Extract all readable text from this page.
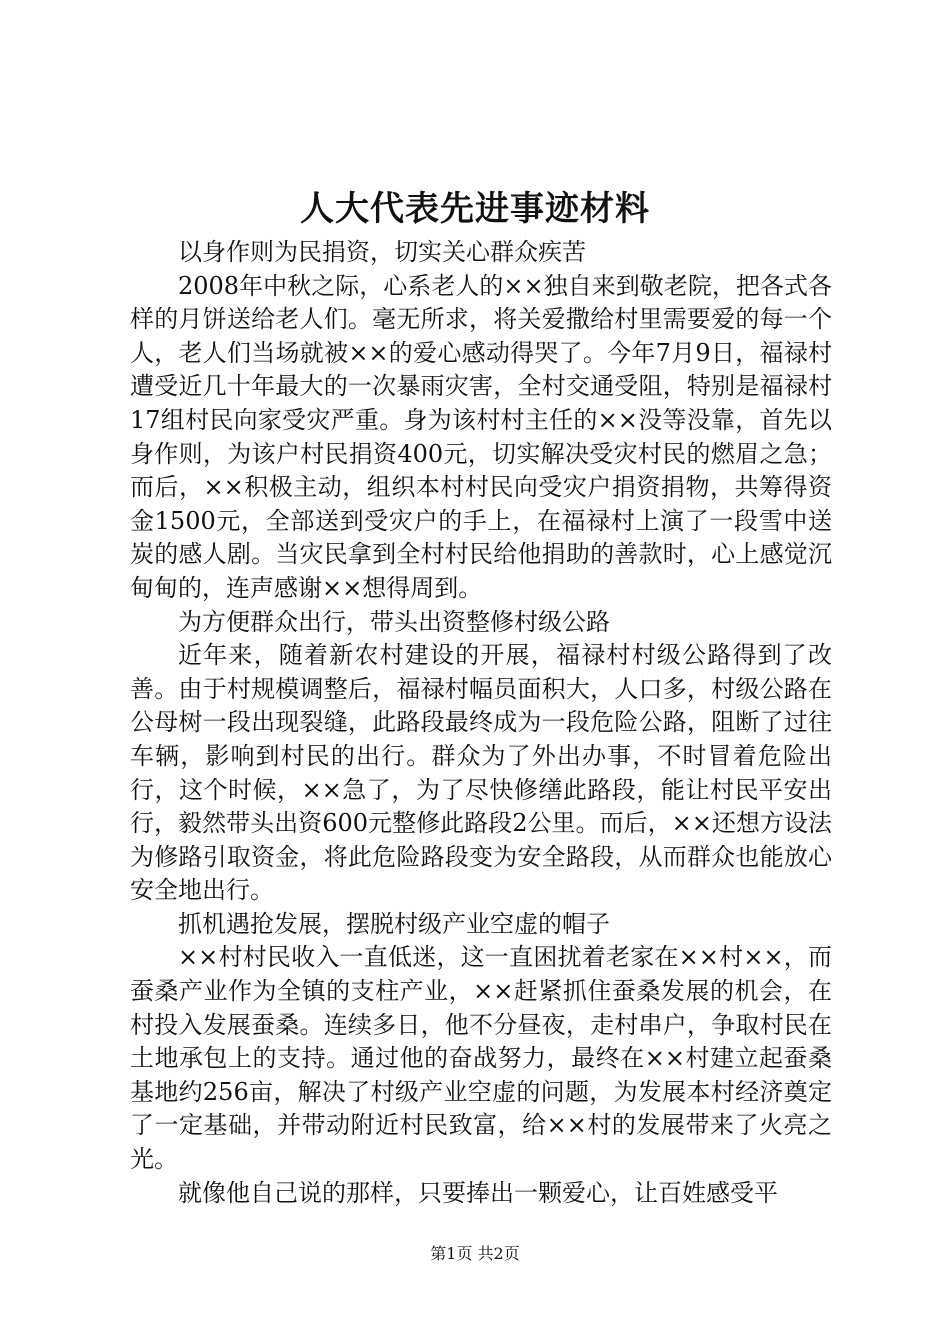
人大代表先进事迹材料

以身作则为民捐资，切实关心群众疾苦

2008年中秋之际，心系老人的××独自来到敬老院，把各式各样的月饼送给老人们。毫无所求，将关爱撒给村里需要爱的每一个人，老人们当场就被××的爱心感动得哭了。今年7月9日，福禄村遭受近几十年最大的一次暴雨灾害，全村交通受阻，特别是福禄村17组村民向家受灾严重。身为该村村主任的××没等没靠，首先以身作则，为该户村民捐资400元，切实解决受灾村民的燃眉之急；而后，××积极主动，组织本村村民向受灾户捐资捐物，共筹得资金1500元，全部送到受灾户的手上，在福禄村上演了一段雪中送炭的感人剧。当灾民拿到全村村民给他捐助的善款时，心上感觉沉甸甸的，连声感谢××想得周到。

为方便群众出行，带头出资整修村级公路

近年来，随着新农村建设的开展，福禄村村级公路得到了改善。由于村规模调整后，福禄村幅员面积大，人口多，村级公路在公母树一段出现裂缝，此路段最终成为一段危险公路，阻断了过往车辆，影响到村民的出行。群众为了外出办事，不时冒着危险出行，这个时候，××急了，为了尽快修缮此路段，能让村民平安出行，毅然带头出资600元整修此路段2公里。而后，××还想方设法为修路引取资金，将此危险路段变为安全路段，从而群众也能放心安全地出行。

抓机遇抢发展，摆脱村级产业空虚的帽子

××村村民收入一直低迷，这一直困扰着老家在××村××，而蚕桑产业作为全镇的支柱产业，××赶紧抓住蚕桑发展的机会，在村投入发展蚕桑。连续多日，他不分昼夜，走村串户，争取村民在土地承包上的支持。通过他的奋战努力，最终在××村建立起蚕桑基地约256亩，解决了村级产业空虚的问题，为发展本村经济奠定了一定基础，并带动附近村民致富，给××村的发展带来了火亮之光。

就像他自己说的那样，只要捧出一颗爱心，让百姓感受平

第1页 共2页
